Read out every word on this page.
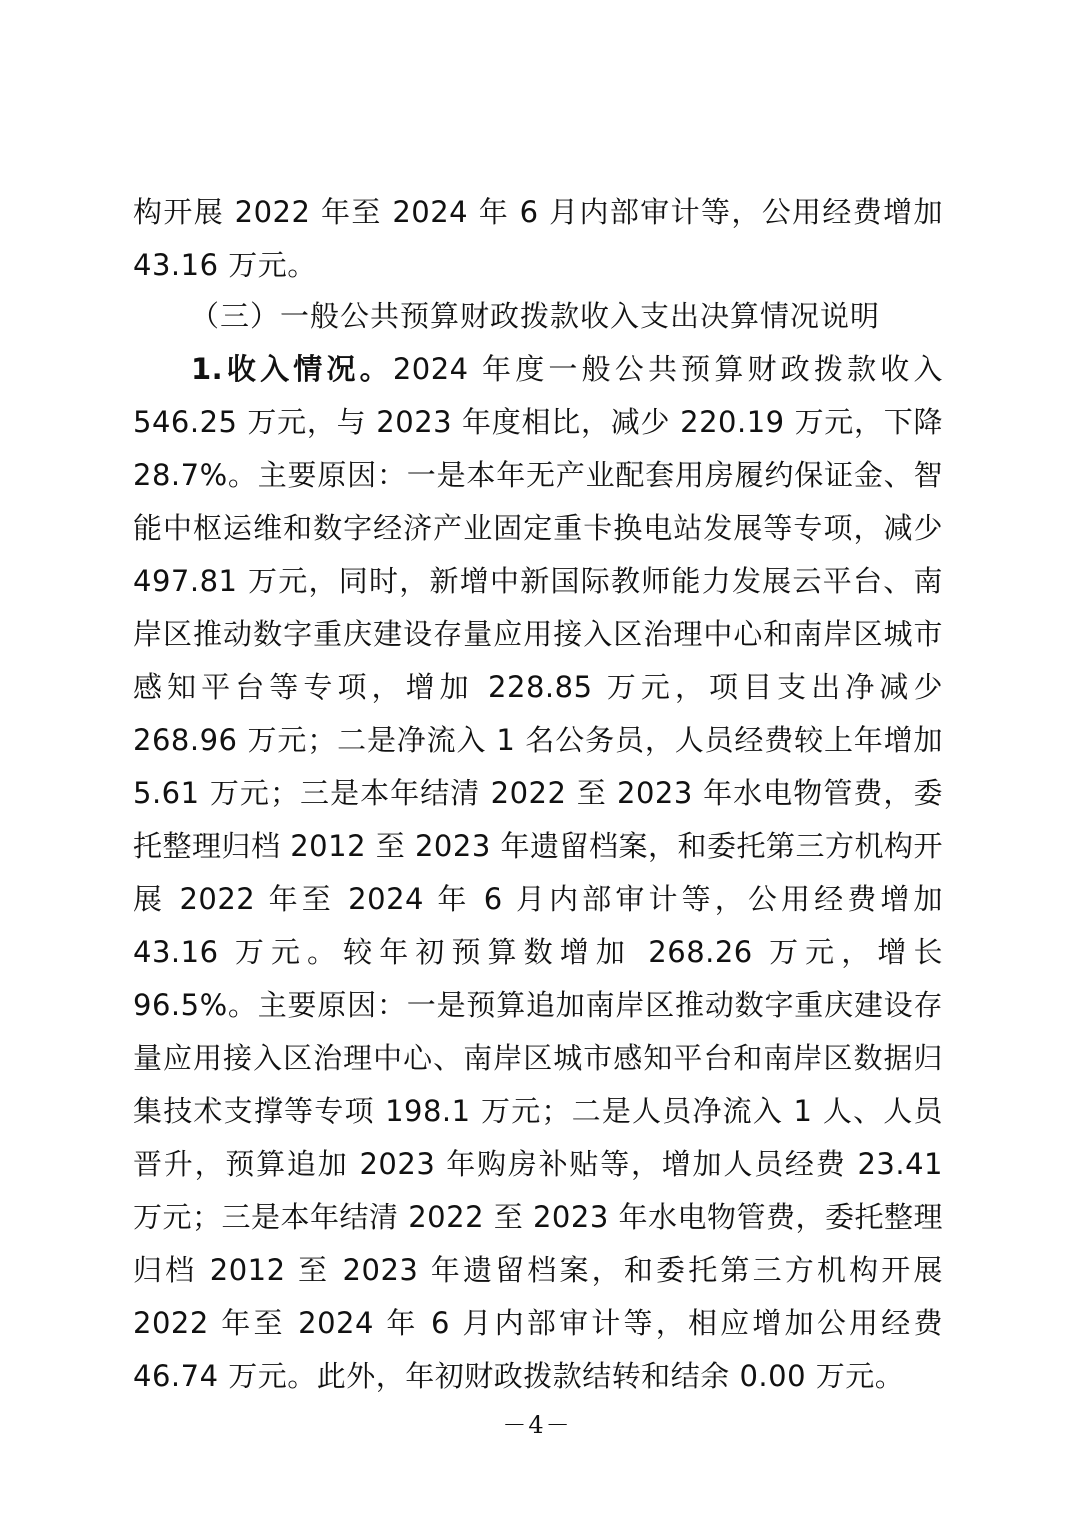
构开展 2022 年至 2024 年 6 月内部审计等，公用经费增加 43.16 万元。

（三）一般公共预算财政拨款收入支出决算情况说明

1.收入情况。2024 年度一般公共预算财政拨款收入 546.25 万元，与 2023 年度相比，减少 220.19 万元，下降 28.7%。主要原因：一是本年无产业配套用房履约保证金、智能中枢运维和数字经济产业固定重卡换电站发展等专项，减少 497.81 万元，同时，新增中新国际教师能力发展云平台、南岸区推动数字重庆建设存量应用接入区治理中心和南岸区城市感知平台等专项，增加 228.85 万元，项目支出净减少 268.96 万元；二是净流入 1 名公务员，人员经费较上年增加 5.61 万元；三是本年结清 2022 至 2023 年水电物管费，委托整理归档 2012 至 2023 年遗留档案，和委托第三方机构开展 2022 年至 2024 年 6 月内部审计等，公用经费增加 43.16 万元。较年初预算数增加 268.26 万元，增长 96.5%。主要原因：一是预算追加南岸区推动数字重庆建设存量应用接入区治理中心、南岸区城市感知平台和南岸区数据归集技术支撑等专项 198.1 万元；二是人员净流入 1 人、人员晋升，预算追加 2023 年购房补贴等，增加人员经费 23.41 万元；三是本年结清 2022 至 2023 年水电物管费，委托整理归档 2012 至 2023 年遗留档案，和委托第三方机构开展 2022 年至 2024 年 6 月内部审计等，相应增加公用经费 46.74 万元。此外，年初财政拨款结转和结余 0.00 万元。

－4－
